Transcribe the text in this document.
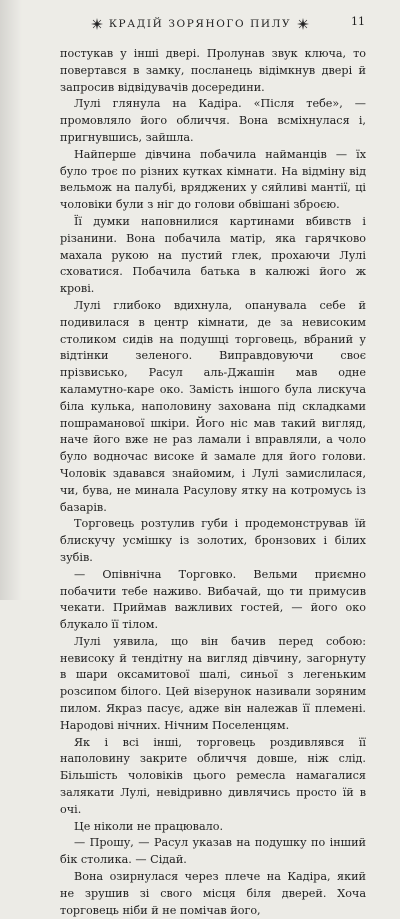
КРАДІЙ ЗОРЯНОГО ПИЛУ	11

постукав у інші двері. Пролунав звук ключа, то повертався в замку, посланець відімкнув двері й запросив відвідувачів досередини.

Лулі глянула на Кадіра. «Після тебе», — промовляло його обличчя. Вона всміхнулася і, пригнувшись, зайшла.

Найперше дівчина побачила найманців — їх було троє по різних кутках кімнати. На відміну від вельмож на палубі, вряджених у сяйливі мантії, ці чоловіки були з ніг до голови обвішані зброєю.

Її думки наповнилися картинами вбивств і різанини. Вона побачила матір, яка гарячково махала рукою на пустий глек, прохаючи Лулі сховатися. Побачила батька в калюжі його ж крові.

Лулі глибоко вдихнула, опанувала себе й подивилася в центр кімнати, де за невисоким столиком сидів на подушці торговець, вбраний у відтінки зеленого. Виправдовуючи своє прізвисько, Расул аль-Джашін мав одне каламутно-каре око. Замість іншого була лискуча біла кулька, наполовину захована під складками пошраманової шкіри. Його ніс мав такий вигляд, наче його вже не раз ламали і вправляли, а чоло було водночас високе й замале для його голови. Чоловік здавався знайомим, і Лулі замислилася, чи, бува, не минала Расулову ятку на котромусь із базарів.

Торговець розтулив губи і продемонстрував їй блискучу усмішку із золотих, бронзових і білих зубів.

— Опівнічна Торговко. Вельми приємно побачити тебе наживо. Вибачай, що ти примусив чекати. Приймав важливих гостей, — його око блукало її тілом.

Лулі уявила, що він бачив перед собою: невисоку й тендітну на вигляд дівчину, загорнуту в шари оксамитової шалі, синьої з легеньким розсипом білого. Цей візерунок називали зоряним пилом. Якраз пасує, адже він належав її племені. Народові нічних. Нічним Поселенцям.

Як і всі інші, торговець роздивлявся її наполовину закрите обличчя довше, ніж слід. Більшість чоловіків цього ремесла намагалися залякати Лулі, невідривно дивлячись просто їй в очі.

Це ніколи не працювало.

— Прошу, — Расул указав на подушку по інший бік столика. — Сідай.

Вона озирнулася через плече на Кадіра, який не зрушив зі свого місця біля дверей. Хоча торговець ніби й не помічав його,
